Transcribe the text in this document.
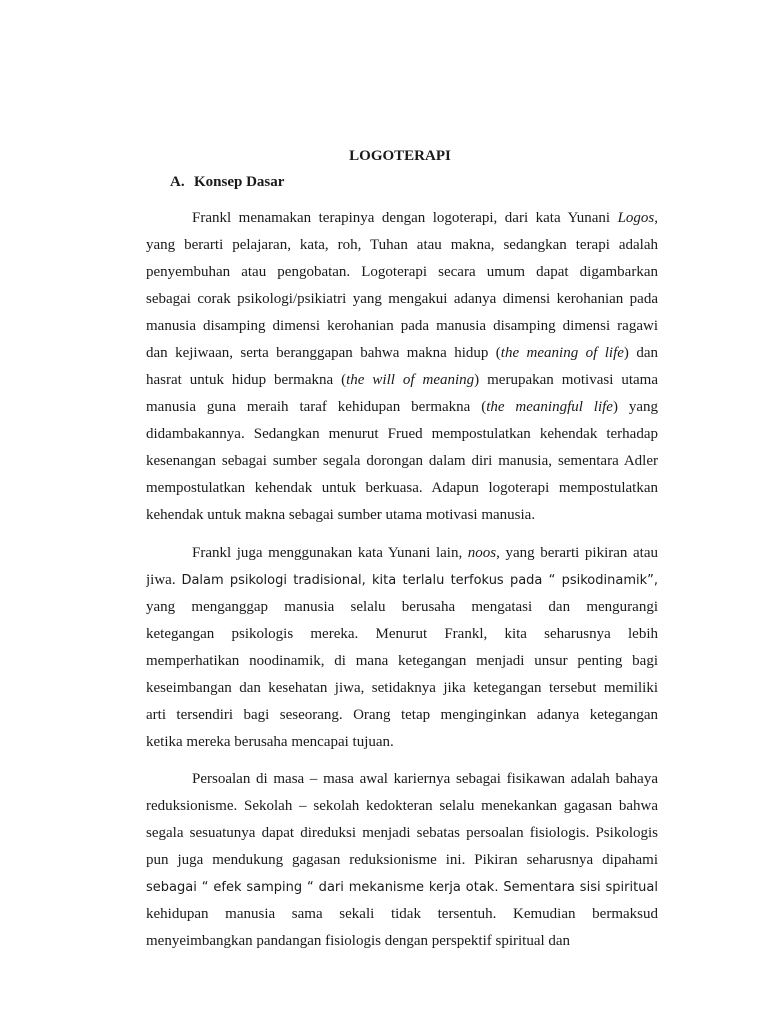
LOGOTERAPI
A. Konsep Dasar
Frankl menamakan terapinya dengan logoterapi, dari kata Yunani Logos,
yang berarti pelajaran, kata, roh, Tuhan atau makna, sedangkan terapi adalah
penyembuhan atau pengobatan. Logoterapi secara umum dapat digambarkan
sebagai corak psikologi/psikiatri yang mengakui adanya dimensi kerohanian pada
manusia disamping dimensi kerohanian pada manusia disamping dimensi ragawi
dan kejiwaan, serta beranggapan bahwa makna hidup (the meaning of life) dan
hasrat untuk hidup bermakna (the will of meaning) merupakan motivasi utama
manusia guna meraih taraf kehidupan bermakna (the meaningful life) yang
didambakannya. Sedangkan menurut Frued mempostulatkan kehendak terhadap
kesenangan sebagai sumber segala dorongan dalam diri manusia, sementara Adler
mempostulatkan kehendak untuk berkuasa. Adapun logoterapi mempostulatkan
kehendak untuk makna sebagai sumber utama motivasi manusia.
Frankl juga menggunakan kata Yunani lain, noos, yang berarti pikiran atau
jiwa. Dalam psikologi tradisional, kita terlalu terfokus pada “ psikodinamik”,
yang menganggap manusia selalu berusaha mengatasi dan mengurangi
ketegangan psikologis mereka. Menurut Frankl, kita seharusnya lebih
memperhatikan noodinamik, di mana ketegangan menjadi unsur penting bagi
keseimbangan dan kesehatan jiwa, setidaknya jika ketegangan tersebut memiliki
arti tersendiri bagi seseorang. Orang tetap menginginkan adanya ketegangan
ketika mereka berusaha mencapai tujuan.
Persoalan di masa – masa awal kariernya sebagai fisikawan adalah bahaya
reduksionisme. Sekolah – sekolah kedokteran selalu menekankan gagasan bahwa
segala sesuatunya dapat direduksi menjadi sebatas persoalan fisiologis. Psikologis
pun juga mendukung gagasan reduksionisme ini. Pikiran seharusnya dipahami
sebagai “ efek samping “ dari mekanisme kerja otak. Sementara sisi spiritual
kehidupan manusia sama sekali tidak tersentuh. Kemudian bermaksud
menyeimbangkan pandangan fisiologis dengan perspektif spiritual dan
